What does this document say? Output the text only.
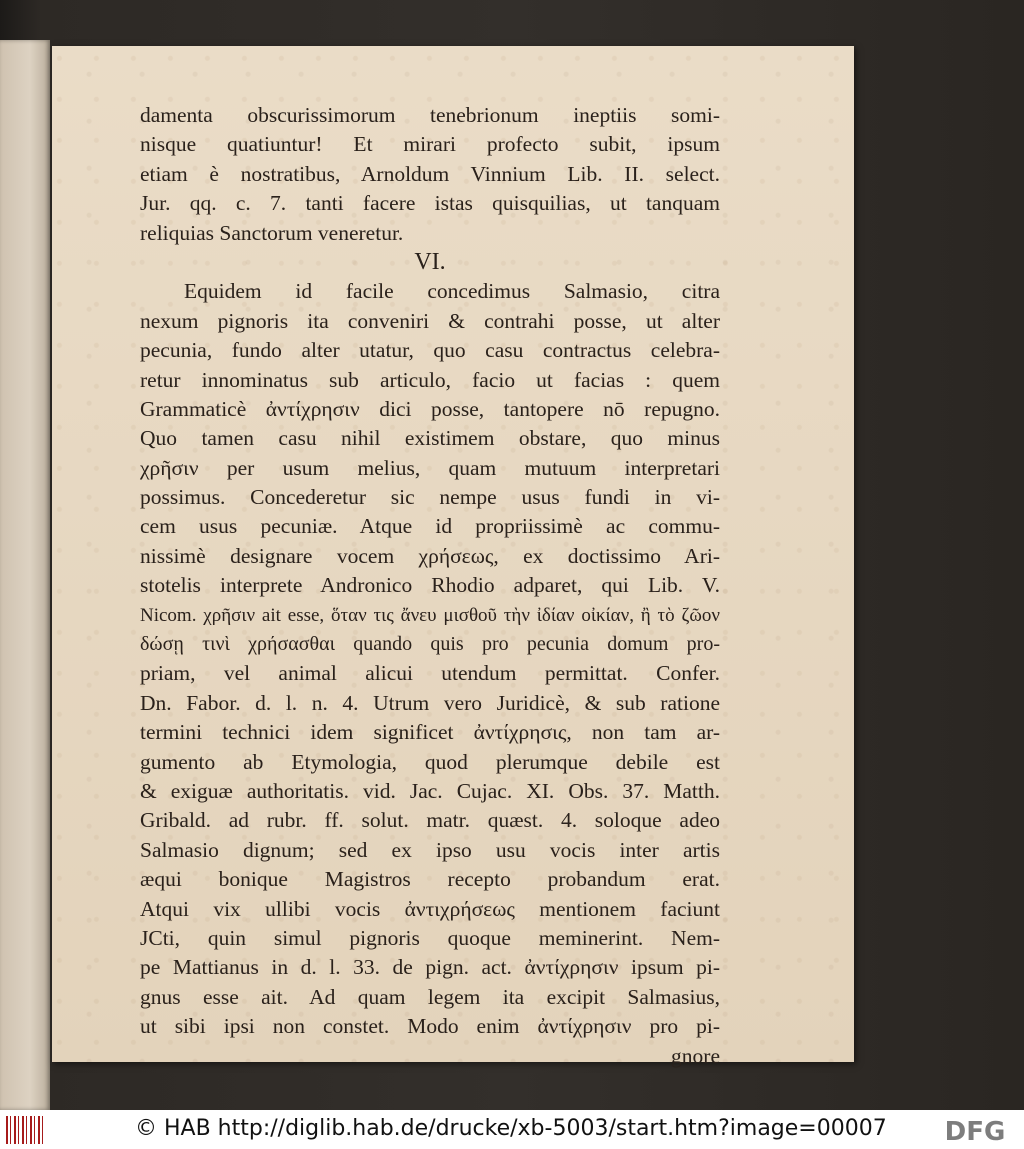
damenta obscurissimorum tenebrionum ineptiis somi-
nisque quatiuntur! Et mirari profecto subit, ipsum
etiam è nostratibus, Arnoldum Vinnium Lib. II. select.
Jur. qq. c. 7. tanti facere istas quisquilias, ut tanquam
reliquias Sanctorum veneretur.
VI.
Equidem id facile concedimus Salmasio, citra
nexum pignoris ita conveniri & contrahi posse, ut alter
pecunia, fundo alter utatur, quo casu contractus celebra-
retur innominatus sub articulo, facio ut facias : quem
Grammaticè ἀντίχρησιν dici posse, tantopere nō repugno.
Quo tamen casu nihil existimem obstare, quo minus
χρῆσιν per usum melius, quam mutuum interpretari
possimus. Concederetur sic nempe usus fundi in vi-
cem usus pecuniæ. Atque id propriissimè ac commu-
nissimè designare vocem χρήσεως, ex doctissimo Ari-
stotelis interprete Andronico Rhodio adparet, qui Lib. V.
Nicom. χρῆσιν ait esse, ὅταν τις ἄνευ μισθοῦ τὴν ἰδίαν οἰκίαν, ἢ τὸ ζῶον
δώσῃ τινὶ χρήσασθαι quando quis pro pecunia domum pro-
priam, vel animal alicui utendum permittat. Confer.
Dn. Fabor. d. l. n. 4. Utrum vero Juridicè, & sub ratione
termini technici idem significet ἀντίχρησις, non tam ar-
gumento ab Etymologia, quod plerumque debile est
& exiguæ authoritatis. vid. Jac. Cujac. XI. Obs. 37. Matth.
Gribald. ad rubr. ff. solut. matr. quæst. 4. soloque adeo
Salmasio dignum; sed ex ipso usu vocis inter artis
æqui bonique Magistros recepto probandum erat.
Atqui vix ullibi vocis ἀντιχρήσεως mentionem faciunt
JCti, quin simul pignoris quoque meminerint. Nem-
pe Mattianus in d. l. 33. de pign. act. ἀντίχρησιν ipsum pi-
gnus esse ait. Ad quam legem ita excipit Salmasius,
ut sibi ipsi non constet. Modo enim ἀντίχρησιν pro pi-
gnore
© HAB http://diglib.hab.de/drucke/xb-5003/start.htm?image=00007 DFG
